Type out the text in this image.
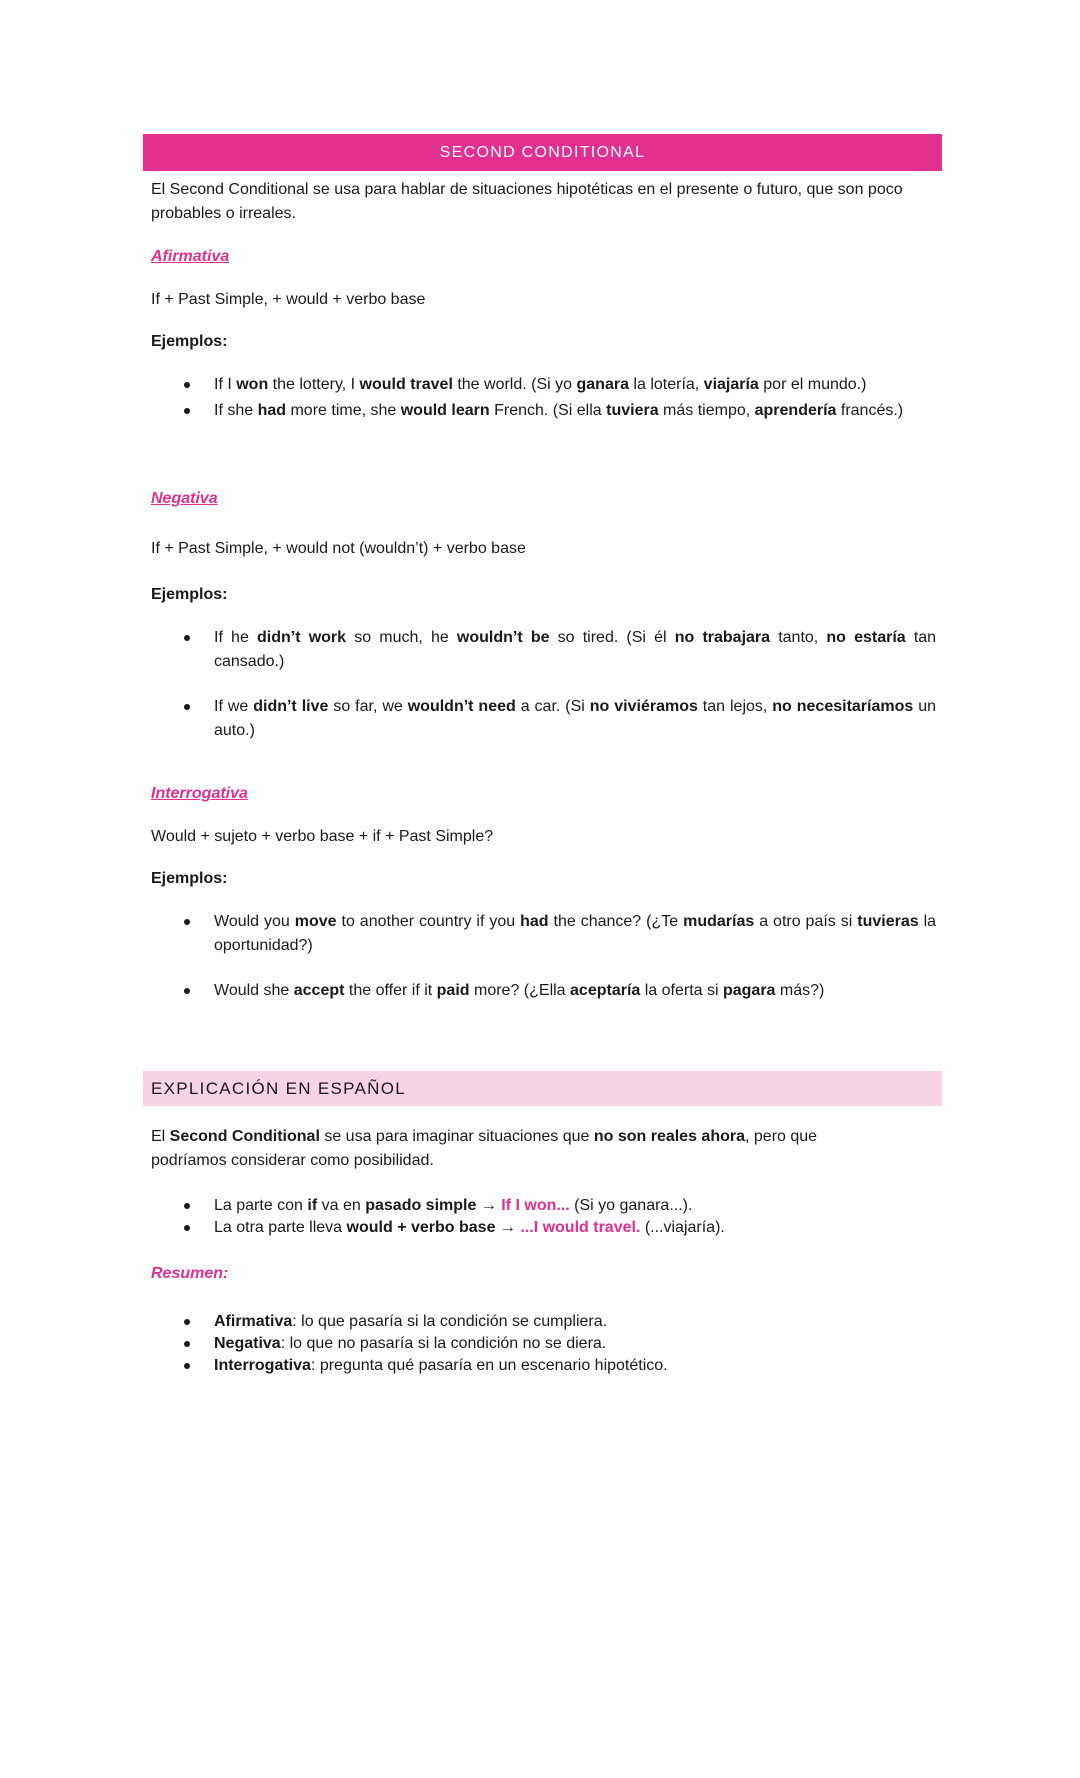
SECOND CONDITIONAL

El Second Conditional se usa para hablar de situaciones hipotéticas en el presente o futuro, que son poco probables o irreales.

Afirmativa

If + Past Simple, + would + verbo base

Ejemplos:

If I won the lottery, I would travel the world. (Si yo ganara la lotería, viajaría por el mundo.)
If she had more time, she would learn French. (Si ella tuviera más tiempo, aprendería francés.)

Negativa

If + Past Simple, + would not (wouldn’t) + verbo base

Ejemplos:

If he didn’t work so much, he wouldn’t be so tired. (Si él no trabajara tanto, no estaría tan cansado.)
If we didn’t live so far, we wouldn’t need a car. (Si no viviéramos tan lejos, no necesitaríamos un auto.)

Interrogativa

Would + sujeto + verbo base + if + Past Simple?

Ejemplos:

Would you move to another country if you had the chance? (¿Te mudarías a otro país si tuvieras la oportunidad?)
Would she accept the offer if it paid more? (¿Ella aceptaría la oferta si pagara más?)
EXPLICACIÓN EN ESPAÑOL

El Second Conditional se usa para imaginar situaciones que no son reales ahora, pero que podríamos considerar como posibilidad.

La parte con if va en pasado simple → If I won... (Si yo ganara...).
La otra parte lleva would + verbo base → ...I would travel. (...viajaría).

Resumen:

Afirmativa: lo que pasaría si la condición se cumpliera.
Negativa: lo que no pasaría si la condición no se diera.
Interrogativa: pregunta qué pasaría en un escenario hipotético.
